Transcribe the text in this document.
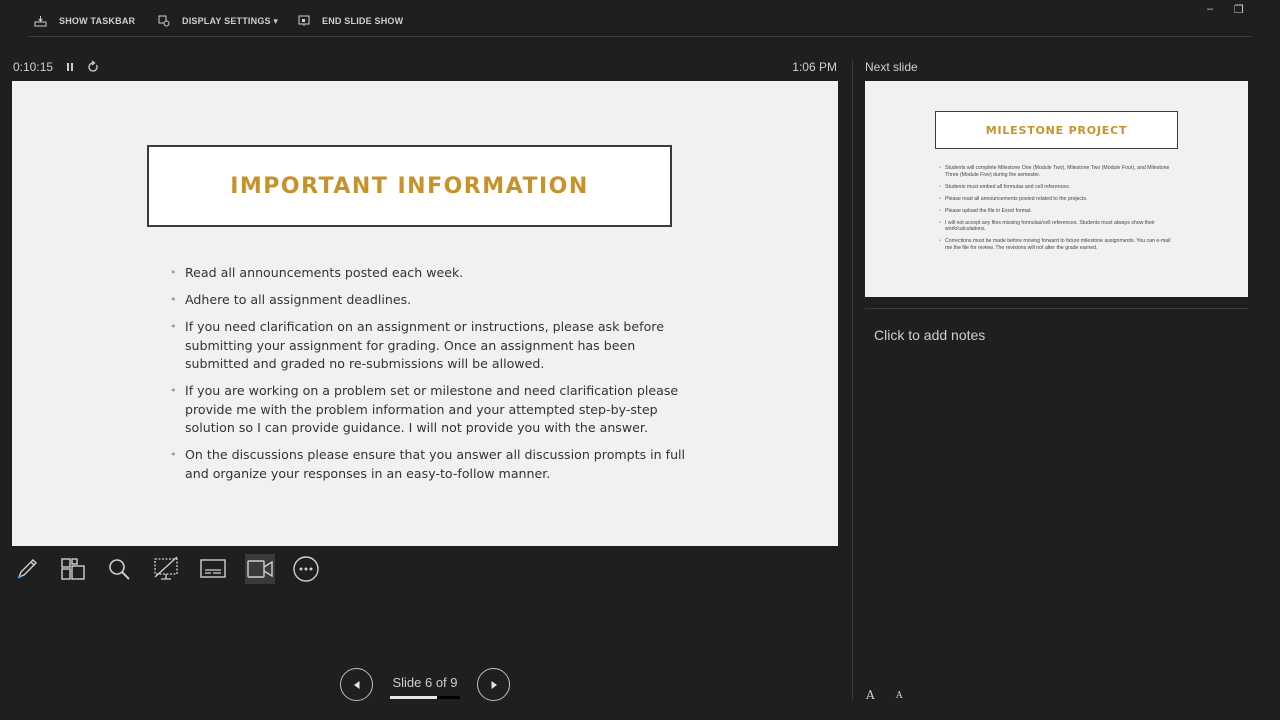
SHOW TASKBAR	DISPLAY SETTINGS ▾	END SLIDE SHOW
– ❐
0:10:15	1:06 PM
IMPORTANT INFORMATION
• Read all announcements posted each week.
• Adhere to all assignment deadlines.
• If you need clarification on an assignment or instructions, please ask before submitting your assignment for grading. Once an assignment has been submitted and graded no re-submissions will be allowed.
• If you are working on a problem set or milestone and need clarification please provide me with the problem information and your attempted step-by-step solution so I can provide guidance. I will not provide you with the answer.
• On the discussions please ensure that you answer all discussion prompts in full and organize your responses in an easy-to-follow manner.
Slide 6 of 9
Next slide
MILESTONE PROJECT
• Students will complete Milestone One (Module Two), Milestone Two (Module Four), and Milestone Three (Module Five) during the semester.
• Students must embed all formulas and cell references.
• Please read all announcements posted related to the projects.
• Please upload the file in Excel format.
• I will not accept any files missing formulas/cell references. Students must always show their work/calculations.
• Corrections must be made before moving forward to future milestone assignments. You can e-mail me the file for review. The revisions will not alter the grade earned.
Click to add notes
A A
